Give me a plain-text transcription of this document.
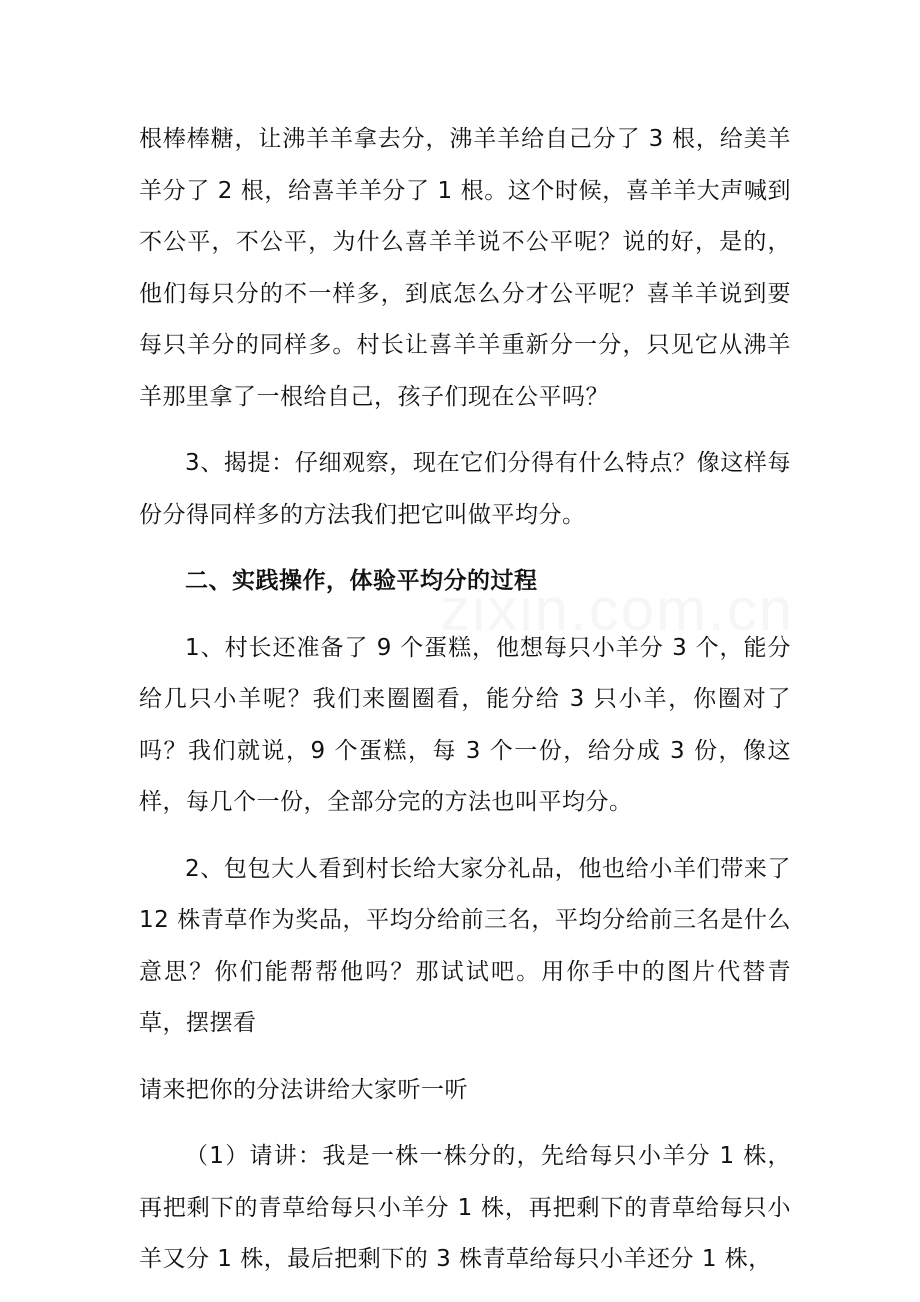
zixin.com.cn

根棒棒糖，让沸羊羊拿去分，沸羊羊给自己分了 3 根，给美羊羊分了 2 根，给喜羊羊分了 1 根。这个时候，喜羊羊大声喊到不公平，不公平，为什么喜羊羊说不公平呢？说的好，是的，他们每只分的不一样多，到底怎么分才公平呢？喜羊羊说到要每只羊分的同样多。村长让喜羊羊重新分一分，只见它从沸羊羊那里拿了一根给自己，孩子们现在公平吗？

3、揭提：仔细观察，现在它们分得有什么特点？像这样每份分得同样多的方法我们把它叫做平均分。

二、实践操作，体验平均分的过程

1、村长还准备了 9 个蛋糕，他想每只小羊分 3 个，能分给几只小羊呢？我们来圈圈看，能分给 3 只小羊，你圈对了吗？我们就说，9 个蛋糕，每 3 个一份，给分成 3 份，像这样，每几个一份，全部分完的方法也叫平均分。

2、包包大人看到村长给大家分礼品，他也给小羊们带来了 12 株青草作为奖品，平均分给前三名，平均分给前三名是什么意思？你们能帮帮他吗？那试试吧。用你手中的图片代替青草，摆摆看

请来把你的分法讲给大家听一听

（1）请讲：我是一株一株分的，先给每只小羊分 1 株，再把剩下的青草给每只小羊分 1 株，再把剩下的青草给每只小羊又分 1 株，最后把剩下的 3 株青草给每只小羊还分 1 株，
